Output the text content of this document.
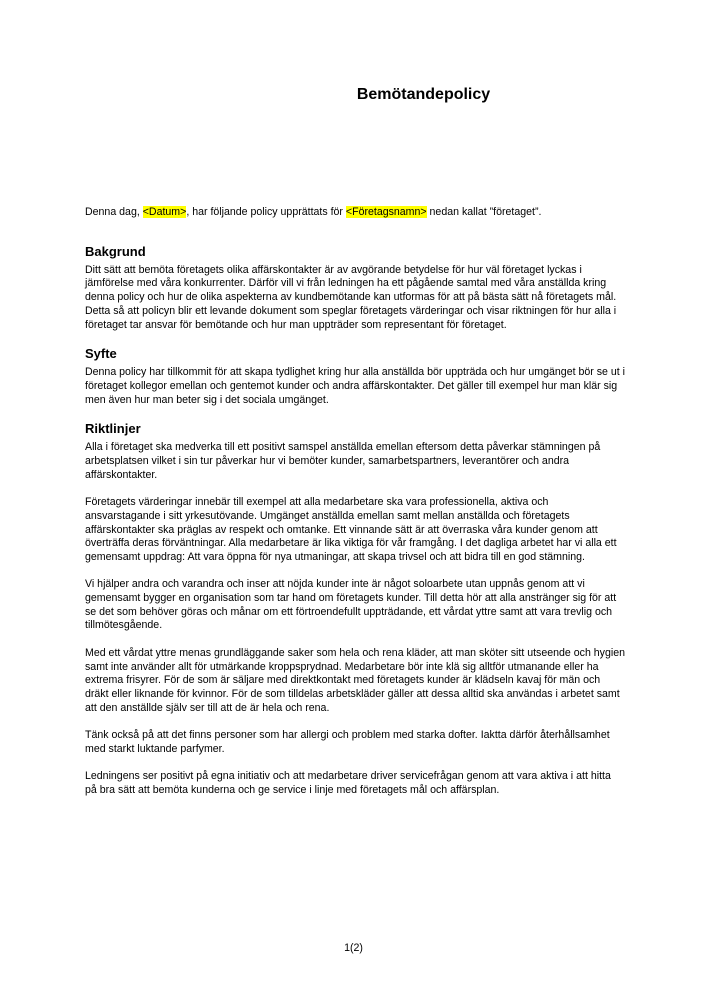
Bemötandepolicy

Denna dag, <Datum>, har följande policy upprättats för <Företagsnamn> nedan kallat ”företaget”.

Bakgrund

Ditt sätt att bemöta företagets olika affärskontakter är av avgörande betydelse för hur väl företaget lyckas i jämförelse med våra konkurrenter. Därför vill vi från ledningen ha ett pågående samtal med våra anställda kring denna policy och hur de olika aspekterna av kundbemötande kan utformas för att på bästa sätt nå företagets mål. Detta så att policyn blir ett levande dokument som speglar företagets värderingar och visar riktningen för hur alla i företaget tar ansvar för bemötande och hur man uppträder som representant för företaget.

Syfte

Denna policy har tillkommit för att skapa tydlighet kring hur alla anställda bör uppträda och hur umgänget bör se ut i företaget kollegor emellan och gentemot kunder och andra affärskontakter. Det gäller till exempel hur man klär sig men även hur man beter sig i det sociala umgänget.

Riktlinjer

Alla i företaget ska medverka till ett positivt samspel anställda emellan eftersom detta påverkar stämningen på arbetsplatsen vilket i sin tur påverkar hur vi bemöter kunder, samarbetspartners, leverantörer och andra affärskontakter.

Företagets värderingar innebär till exempel att alla medarbetare ska vara professionella, aktiva och ansvarstagande i sitt yrkesutövande. Umgänget anställda emellan samt mellan anställda och företagets affärskontakter ska präglas av respekt och omtanke. Ett vinnande sätt är att överraska våra kunder genom att överträffa deras förväntningar. Alla medarbetare är lika viktiga för vår framgång. I det dagliga arbetet har vi alla ett gemensamt uppdrag: Att vara öppna för nya utmaningar, att skapa trivsel och att bidra till en god stämning.

Vi hjälper andra och varandra och inser att nöjda kunder inte är något soloarbete utan uppnås genom att vi gemensamt bygger en organisation som tar hand om företagets kunder. Till detta hör att alla anstränger sig för att se det som behöver göras och månar om ett förtroendefullt uppträdande, ett vårdat yttre samt att vara trevlig och tillmötesgående.

Med ett vårdat yttre menas grundläggande saker som hela och rena kläder, att man sköter sitt utseende och hygien samt inte använder allt för utmärkande kroppsprydnad. Medarbetare bör inte klä sig alltför utmanande eller ha extrema frisyrer. För de som är säljare med direktkontakt med företagets kunder är klädseln kavaj för män och dräkt eller liknande för kvinnor. För de som tilldelas arbetskläder gäller att dessa alltid ska användas i arbetet samt att den anställde själv ser till att de är hela och rena.

Tänk också på att det finns personer som har allergi och problem med starka dofter. Iaktta därför återhållsamhet med starkt luktande parfymer.

Ledningens ser positivt på egna initiativ och att medarbetare driver servicefrågan genom att vara aktiva i att hitta på bra sätt att bemöta kunderna och ge service i linje med företagets mål och affärsplan.

1(2)
